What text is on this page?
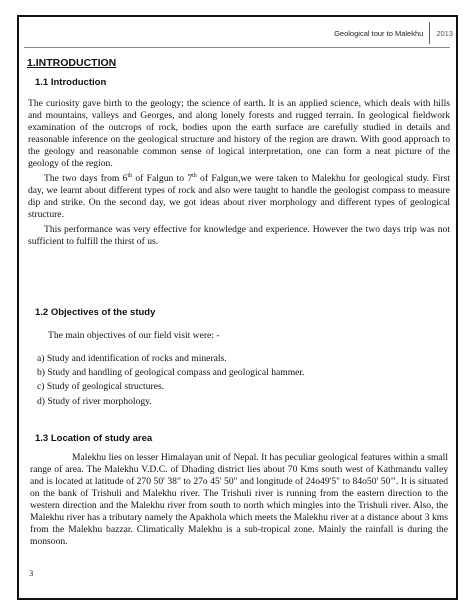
Geological tour to Malekhu 2013
1.INTRODUCTION
1.1 Introduction

The curiosity gave birth to the geology; the science of earth. It is an applied science, which deals with hills and mountains, valleys and Georges, and along lonely forests and rugged terrain. In geological fieldwork examination of the outcrops of rock, bodies upon the earth surface are carefully studied in details and reasonable inference on the geological structure and history of the region are drawn. With good approach to the geology and reasonable common sense of logical interpretation, one can form a neat picture of the geology of the region.

The two days from 6th of Falgun to 7th of Falgun,we were taken to Malekhu for geological study. First day, we learnt about different types of rock and also were taught to handle the geologist compass to measure dip and strike. On the second day, we got ideas about river morphology and different types of geological structure.

This performance was very effective for knowledge and experience. However the two days trip was not sufficient to fulfill the thirst of us.

1.2 Objectives of the study
The main objectives of our field visit were: -
a) Study and identification of rocks and minerals.
b) Study and handling of geological compass and geological hammer.
c) Study of geological structures.
d) Study of river morphology.
1.3 Location of study area

Malekhu lies on lesser Himalayan unit of Nepal. It has peculiar geological features within a small range of area. The Malekhu V.D.C. of Dhading district lies about 70 Kms south west of Kathmandu valley and is located at latitude of 270 50' 38" to 27o 45' 50" and longitude of 24o49'5" to 84o50' 50’’. It is situated on the bank of Trishuli and Malekhu river. The Trishuli river is running from the eastern direction to the western direction and the Malekhu river from south to north which mingles into the Trishuli river. Also, the Malekhu river has a tributary namely the Apakhola which meets the Malekhu river at a distance about 3 kms from the Malekhu bazzar. Climatically Malekhu is a sub-tropical zone. Mainly the rainfall is during the monsoon.

3
